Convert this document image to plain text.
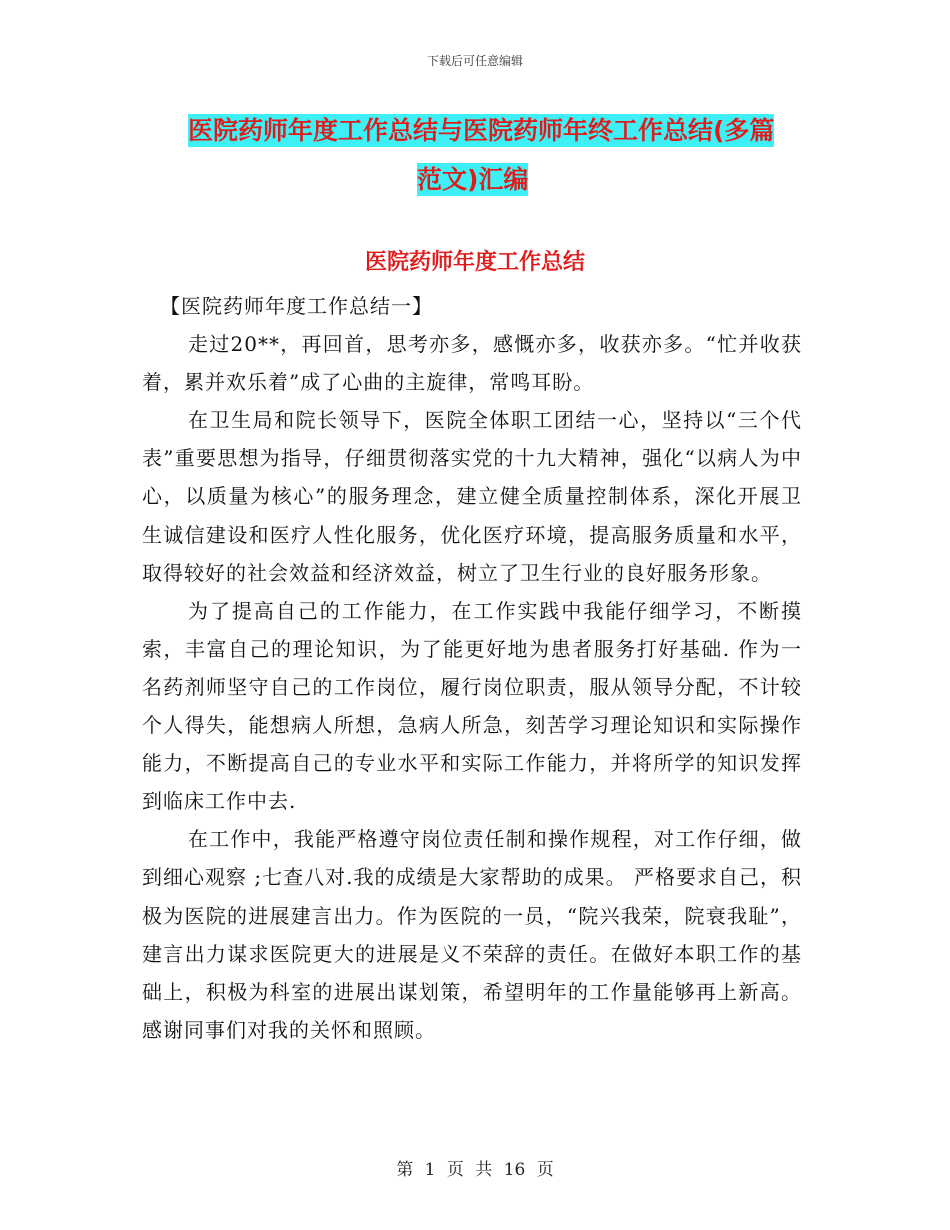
下载后可任意编辑
医院药师年度工作总结与医院药师年终工作总结(多篇
范文)汇编
医院药师年度工作总结

【医院药师年度工作总结一】

走过20**，再回首，思考亦多，感慨亦多，收获亦多。“忙并收获着，累并欢乐着”成了心曲的主旋律，常鸣耳盼。

在卫生局和院长领导下，医院全体职工团结一心，坚持以“三个代表”重要思想为指导，仔细贯彻落实党的十九大精神，强化“以病人为中心，以质量为核心”的服务理念，建立健全质量控制体系，深化开展卫生诚信建设和医疗人性化服务，优化医疗环境，提高服务质量和水平，取得较好的社会效益和经济效益，树立了卫生行业的良好服务形象。

为了提高自己的工作能力，在工作实践中我能仔细学习，不断摸索，丰富自己的理论知识，为了能更好地为患者服务打好基础. 作为一名药剂师坚守自己的工作岗位，履行岗位职责，服从领导分配，不计较个人得失，能想病人所想，急病人所急，刻苦学习理论知识和实际操作能力，不断提高自己的专业水平和实际工作能力，并将所学的知识发挥到临床工作中去.

在工作中，我能严格遵守岗位责任制和操作规程，对工作仔细，做到细心观察 ;七查八对.我的成绩是大家帮助的成果。 严格要求自己，积极为医院的进展建言出力。作为医院的一员，“院兴我荣，院衰我耻”，建言出力谋求医院更大的进展是义不荣辞的责任。在做好本职工作的基础上，积极为科室的进展出谋划策，希望明年的工作量能够再上新高。感谢同事们对我的关怀和照顾。

第 1 页 共 16 页
